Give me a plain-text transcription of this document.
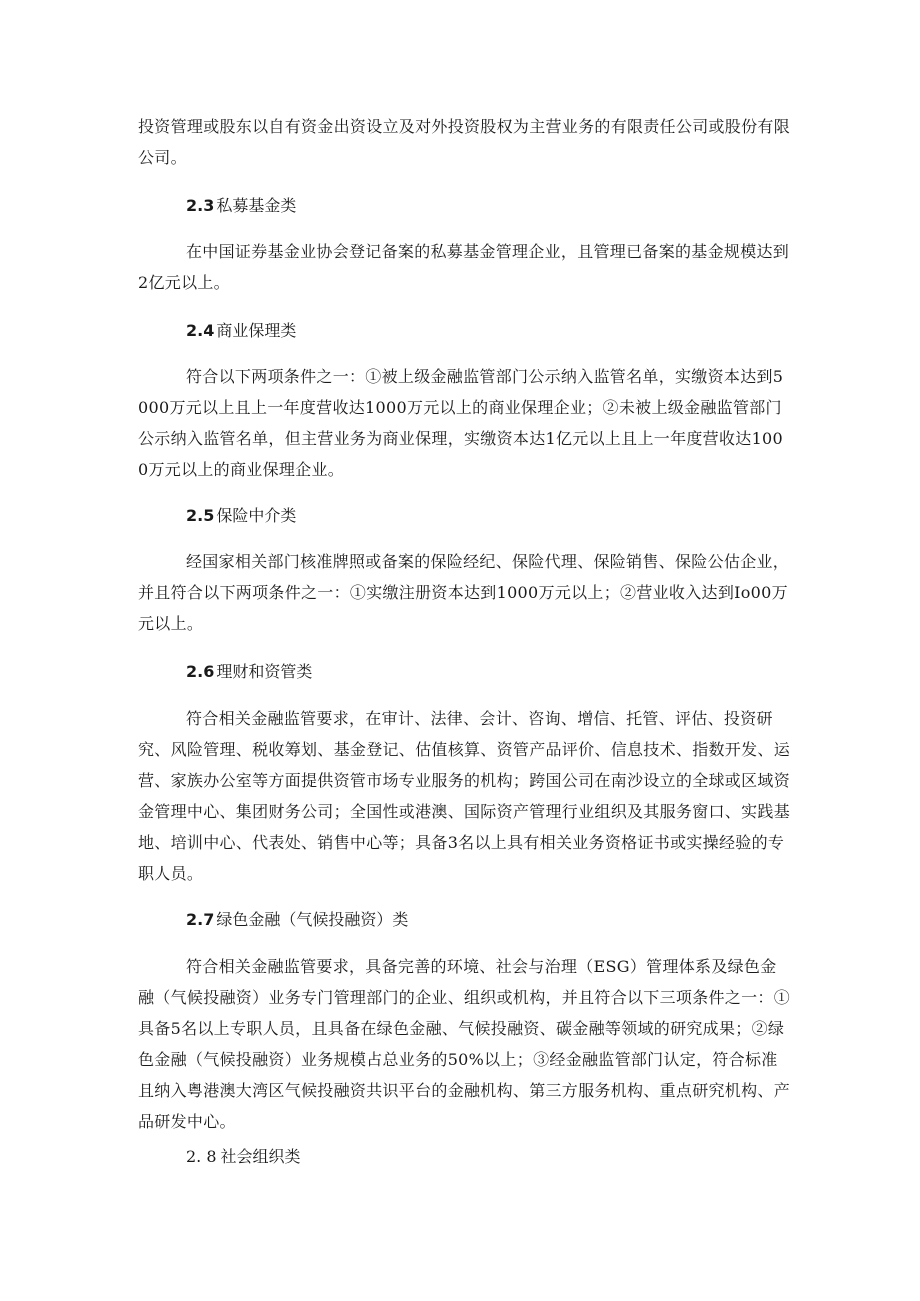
投资管理或股东以自有资金出资设立及对外投资股权为主营业务的有限责任公司或股份有限公司。

2.3 私募基金类

在中国证券基金业协会登记备案的私募基金管理企业，且管理已备案的基金规模达到2亿元以上。

2.4 商业保理类

符合以下两项条件之一：①被上级金融监管部门公示纳入监管名单，实缴资本达到5000万元以上且上一年度营收达1000万元以上的商业保理企业；②未被上级金融监管部门公示纳入监管名单，但主营业务为商业保理，实缴资本达1亿元以上且上一年度营收达1000万元以上的商业保理企业。

2.5 保险中介类

经国家相关部门核准牌照或备案的保险经纪、保险代理、保险销售、保险公估企业，并且符合以下两项条件之一：①实缴注册资本达到1000万元以上；②营业收入达到Io00万元以上。

2.6 理财和资管类

符合相关金融监管要求，在审计、法律、会计、咨询、增信、托管、评估、投资研究、风险管理、税收筹划、基金登记、估值核算、资管产品评价、信息技术、指数开发、运营、家族办公室等方面提供资管市场专业服务的机构；跨国公司在南沙设立的全球或区域资金管理中心、集团财务公司；全国性或港澳、国际资产管理行业组织及其服务窗口、实践基地、培训中心、代表处、销售中心等；具备3名以上具有相关业务资格证书或实操经验的专职人员。

2.7 绿色金融（气候投融资）类

符合相关金融监管要求，具备完善的环境、社会与治理（ESG）管理体系及绿色金融（气候投融资）业务专门管理部门的企业、组织或机构，并且符合以下三项条件之一：①具备5名以上专职人员，且具备在绿色金融、气候投融资、碳金融等领域的研究成果；②绿色金融（气候投融资）业务规模占总业务的50%以上；③经金融监管部门认定，符合标准且纳入粤港澳大湾区气候投融资共识平台的金融机构、第三方服务机构、重点研究机构、产品研发中心。

2. 8 社会组织类
